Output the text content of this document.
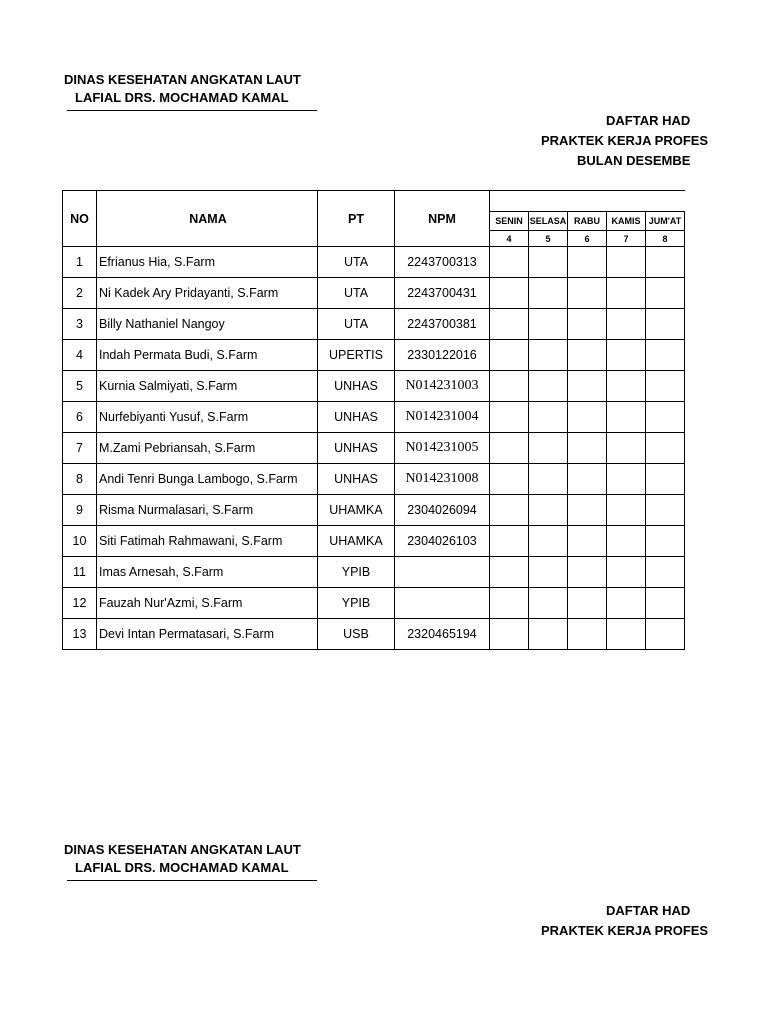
DINAS KESEHATAN ANGKATAN LAUT
LAFIAL DRS. MOCHAMAD KAMAL
DAFTAR HAD
PRAKTEK KERJA PROFES
BULAN DESEMBE
NO	NAMA	PT	NPM					
				SENIN	SELASA	RABU	KAMIS	JUM'AT
				4	5	6	7	8
1	Efrianus Hia, S.Farm	UTA	2243700313					
2	Ni Kadek Ary Pridayanti, S.Farm	UTA	2243700431					
3	Billy Nathaniel Nangoy	UTA	2243700381					
4	Indah Permata Budi, S.Farm	UPERTIS	2330122016					
5	Kurnia Salmiyati, S.Farm	UNHAS	N014231003					
6	Nurfebiyanti Yusuf, S.Farm	UNHAS	N014231004					
7	M.Zami Pebriansah, S.Farm	UNHAS	N014231005					
8	Andi Tenri Bunga Lambogo, S.Farm	UNHAS	N014231008					
9	Risma Nurmalasari, S.Farm	UHAMKA	2304026094					
10	Siti Fatimah Rahmawani, S.Farm	UHAMKA	2304026103					
11	Imas Arnesah, S.Farm	YPIB						
12	Fauzah Nur'Azmi, S.Farm	YPIB						
13	Devi Intan Permatasari, S.Farm	USB	2320465194					
DINAS KESEHATAN ANGKATAN LAUT
LAFIAL DRS. MOCHAMAD KAMAL
DAFTAR HAD
PRAKTEK KERJA PROFES
